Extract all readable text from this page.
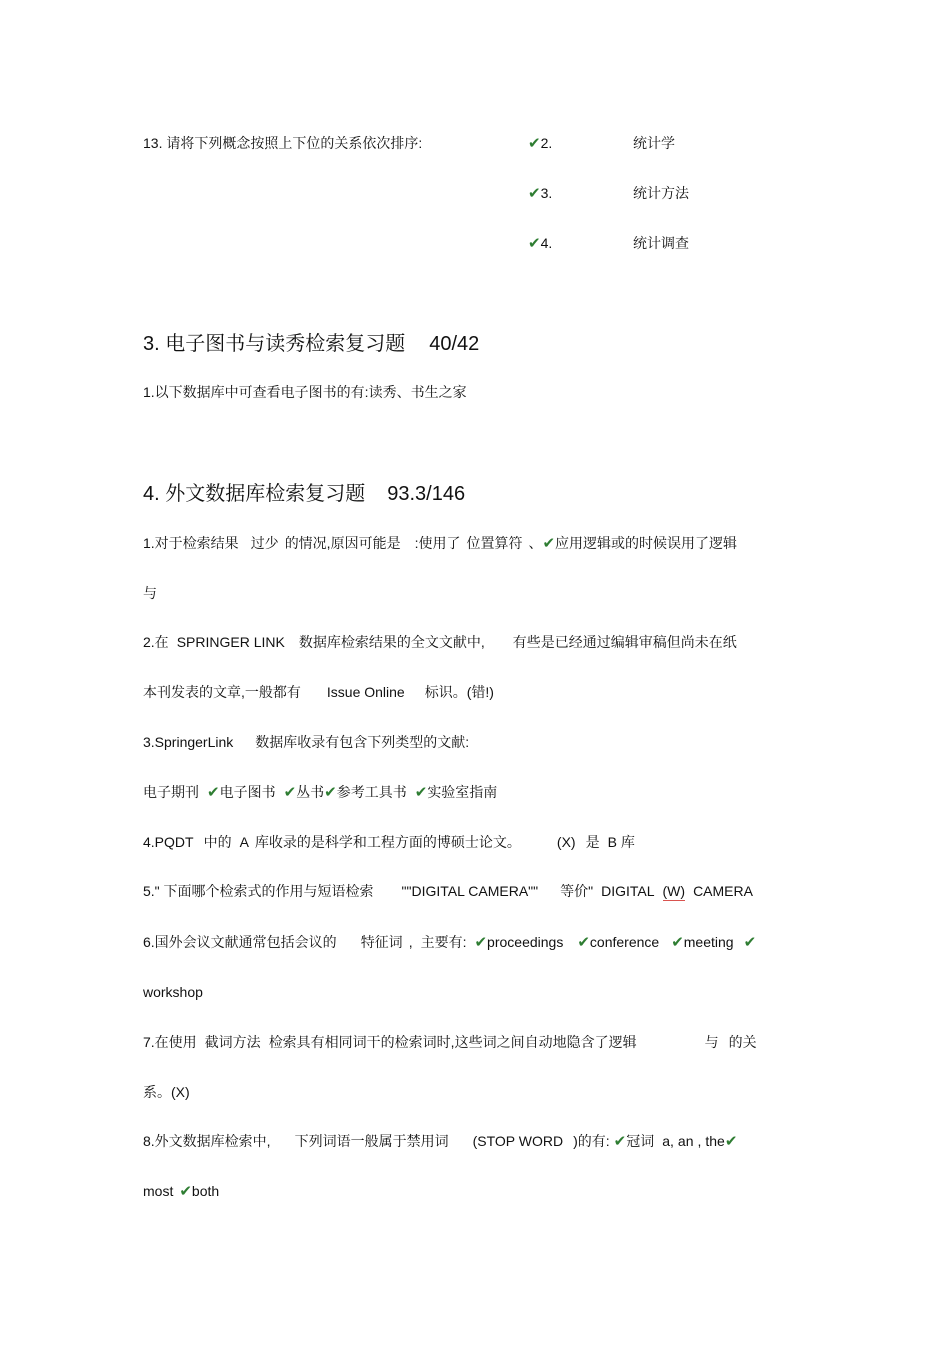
13. 请将下列概念按照上下位的关系依次排序:	✔2.	统计学
✔3.	统计方法
✔4.	统计调查
3. 电子图书与读秀检索复习题 40/42
1.以下数据库中可查看电子图书的有:读秀、书生之家
4. 外文数据库检索复习题 93.3/146
1.对于检索结果 过少 的情况,原因可能是 :使用了 位置算符 、✔应用逻辑或的时候误用了逻辑
与
2.在 SPRINGER LINK 数据库检索结果的全文文献中, 有些是已经通过编辑审稿但尚未在纸
本刊发表的文章,一般都有 Issue Online 标识。(错!)
3.SpringerLink 数据库收录有包含下列类型的文献:
电子期刊 ✔电子图书 ✔丛书✔参考工具书 ✔实验室指南
4.PQDT 中的 A 库收录的是科学和工程方面的博硕士论文。	(X) 是 B 库
5." 下面哪个检索式的作用与短语检索 ""DIGITAL CAMERA"" 等价" DIGITAL (W) CAMERA
6.国外会议文献通常包括会议的 特征词 , 主要有: ✔proceedings ✔conference ✔meeting ✔
workshop
7.在使用 截词方法 检索具有相同词干的检索词时,这些词之间自动地隐含了逻辑	与 的关
系。(X)
8.外文数据库检索中, 下列词语一般属于禁用词 (STOP WORD )的有: ✔冠词 a, an , the✔
most ✔both
